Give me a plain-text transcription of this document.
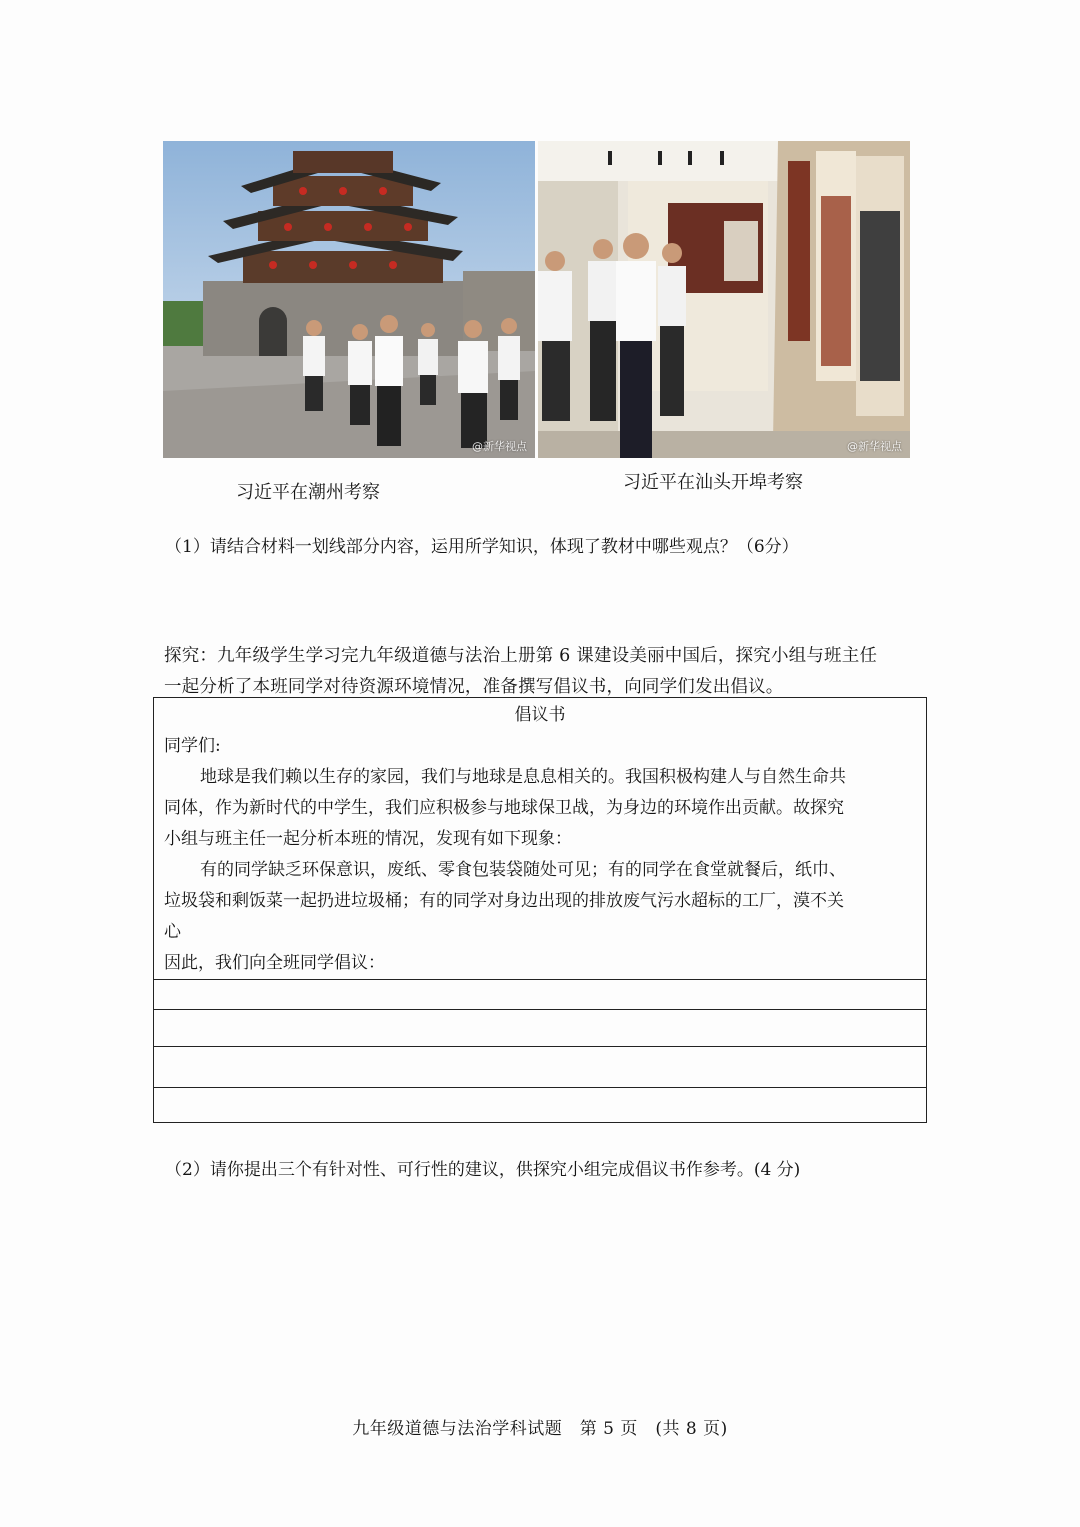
@新华视点	@新华视点
习近平在潮州考察	习近平在汕头开埠考察
（1）请结合材料一划线部分内容，运用所学知识，体现了教材中哪些观点？（6分）
探究：九年级学生学习完九年级道德与法治上册第 6 课建设美丽中国后，探究小组与班主任
一起分析了本班同学对待资源环境情况，准备撰写倡议书，向同学们发出倡议。

倡议书

同学们:

地球是我们赖以生存的家园，我们与地球是息息相关的。我国积极构建人与自然生命共

同体，作为新时代的中学生，我们应积极参与地球保卫战，为身边的环境作出贡献。故探究

小组与班主任一起分析本班的情况，发现有如下现象：

有的同学缺乏环保意识，废纸、零食包装袋随处可见；有的同学在食堂就餐后，纸巾、

垃圾袋和剩饭菜一起扔进垃圾桶；有的同学对身边出现的排放废气污水超标的工厂，漠不关

心

因此，我们向全班同学倡议：

（2）请你提出三个有针对性、可行性的建议，供探究小组完成倡议书作参考。(4 分)
九年级道德与法治学科试题　第 5 页　(共 8 页)
